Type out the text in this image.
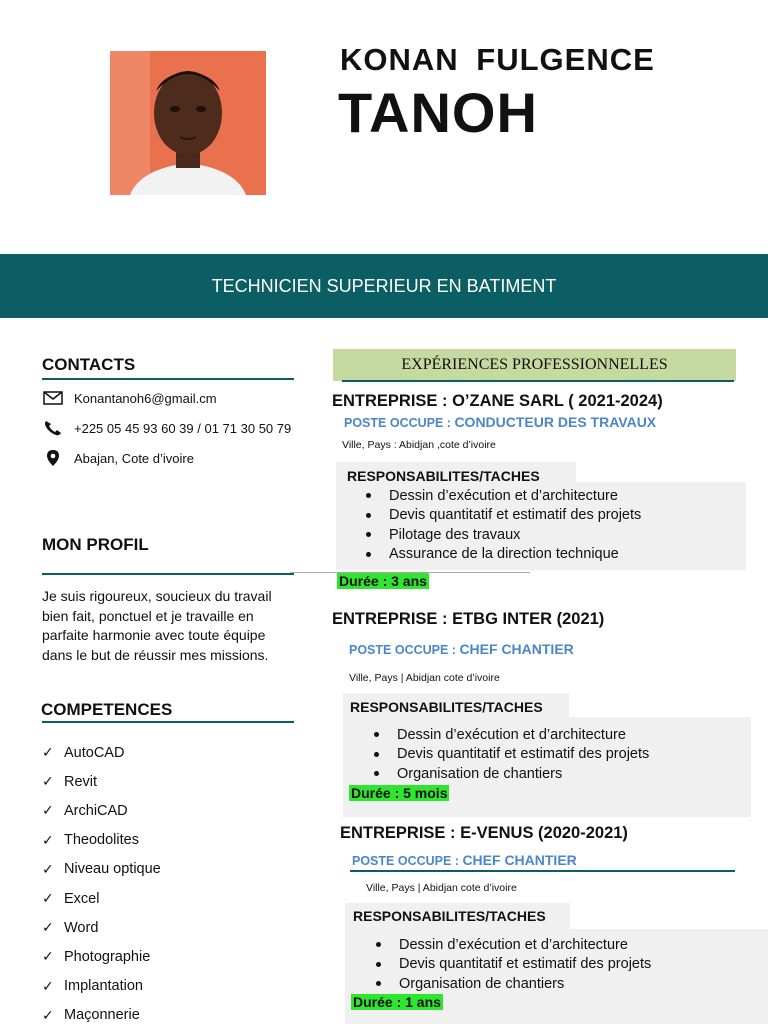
KONAN FULGENCE
TANOH
TECHNICIEN SUPERIEUR EN BATIMENT
CONTACTS
Konantanoh6@gmail.cm
+225 05 45 93 60 39 / 01 71 30 50 79
Abajan, Cote d’ivoire
MON PROFIL
Je suis rigoureux, soucieux du travail bien fait, ponctuel et je travaille en parfaite harmonie avec toute équipe dans le but de réussir mes missions.
COMPETENCES
✓ AutoCAD
✓ Revit
✓ ArchiCAD
✓ Theodolites
✓ Niveau optique
✓ Excel
✓ Word
✓ Photographie
✓ Implantation
✓ Maçonnerie
EXPÉRIENCES PROFESSIONNELLES
ENTREPRISE : O’ZANE SARL ( 2021-2024)
POSTE OCCUPE : CONDUCTEUR DES TRAVAUX
Ville, Pays : Abidjan ,cote d’ivoire
RESPONSABILITES/TACHES
Dessin d’exécution et d’architecture
Devis quantitatif et estimatif des projets
Pilotage des travaux
Assurance de la direction technique
Durée : 3 ans
ENTREPRISE : ETBG INTER (2021)
POSTE OCCUPE : CHEF CHANTIER
Ville, Pays | Abidjan cote d’ivoire
RESPONSABILITES/TACHES
Dessin d’exécution et d’architecture
Devis quantitatif et estimatif des projets
Organisation de chantiers
Durée : 5 mois
ENTREPRISE : E-VENUS (2020-2021)
POSTE OCCUPE : CHEF CHANTIER
Ville, Pays | Abidjan cote d’ivoire
RESPONSABILITES/TACHES
Dessin d’exécution et d’architecture
Devis quantitatif et estimatif des projets
Organisation de chantiers
Durée : 1 ans
